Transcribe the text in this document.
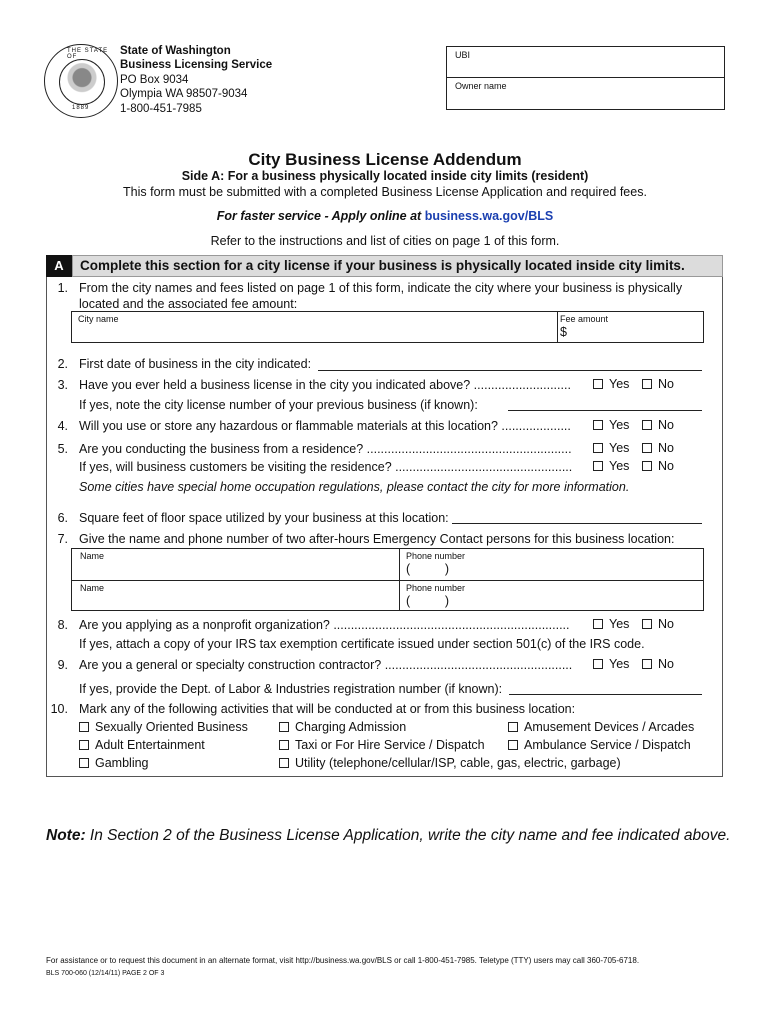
THE STATE OF
1889
State of Washington
Business Licensing Service
PO Box 9034
Olympia WA 98507-9034
1-800-451-7985
UBI
Owner name
City Business License Addendum
Side A: For a business physically located inside city limits (resident)
This form must be submitted with a completed Business License Application and required fees.
For faster service - Apply online at business.wa.gov/BLS
Refer to the instructions and list of cities on page 1 of this form.
A	Complete this section for a city license if your business is physically located inside city limits.
1. From the city names and fees listed on page 1 of this form, indicate the city where your business is physically
located and the associated fee amount:
City name	Fee amount
$
2. First date of business in the city indicated:
3. Have you ever held a business license in the city you indicated above? ............................	Yes	No
If yes, note the city license number of your previous business (if known):
4. Will you use or store any hazardous or flammable materials at this location? ....................	Yes	No
5. Are you conducting the business from a residence? ...........................................................	Yes	No
If yes, will business customers be visiting the residence? ...................................................	Yes	No
Some cities have special home occupation regulations, please contact the city for more information.
6. Square feet of floor space utilized by your business at this location:
7. Give the name and phone number of two after-hours Emergency Contact persons for this business location:
Name	Phone number
(          )
Name	Phone number
(          )
8. Are you applying as a nonprofit organization? ....................................................................	Yes	No
If yes, attach a copy of your IRS tax exemption certificate issued under section 501(c) of the IRS code.
9. Are you a general or specialty construction contractor? ......................................................	Yes	No
If yes, provide the Dept. of Labor & Industries registration number (if known):
10. Mark any of the following activities that will be conducted at or from this business location:
Sexually Oriented Business	Charging Admission	Amusement Devices / Arcades
Adult Entertainment	Taxi or For Hire Service / Dispatch	Ambulance Service / Dispatch
Gambling	Utility (telephone/cellular/ISP, cable, gas, electric, garbage)
Note: In Section 2 of the Business License Application, write the city name and fee indicated above.
For assistance or to request this document in an alternate format, visit http://business.wa.gov/BLS or call 1-800-451-7985. Teletype (TTY) users may call 360-705-6718.
BLS 700-060 (12/14/11) PAGE 2 OF 3
